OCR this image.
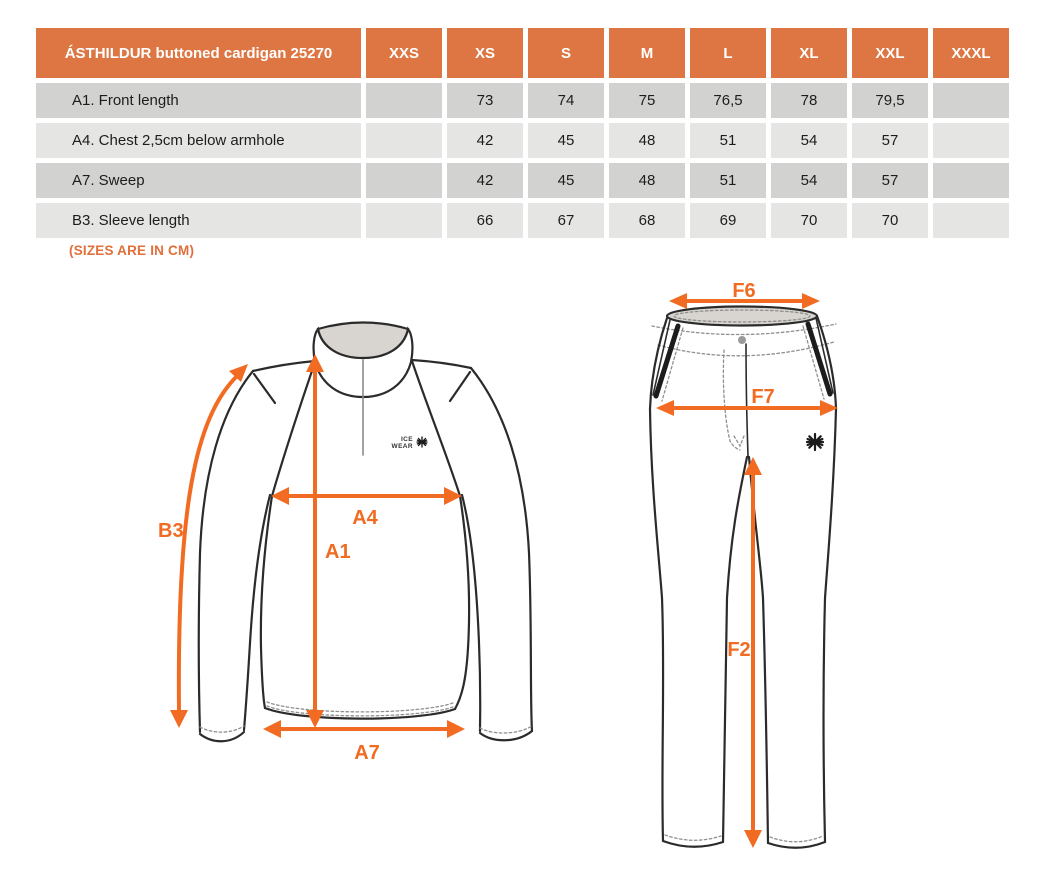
ÁSTHILDUR buttoned cardigan 25270	XXS	XS	S	M	L	XL	XXL	XXXL
A1. Front length		73	74	75	76,5	78	79,5	
A4. Chest 2,5cm below armhole		42	45	48	51	54	57	
A7. Sweep		42	45	48	51	54	57	
B3. Sleeve length		66	67	68	69	70	70	
(SIZES ARE IN CM)
ICE
WEAR
B3
A4
A1
A7
F6
F7
F2
